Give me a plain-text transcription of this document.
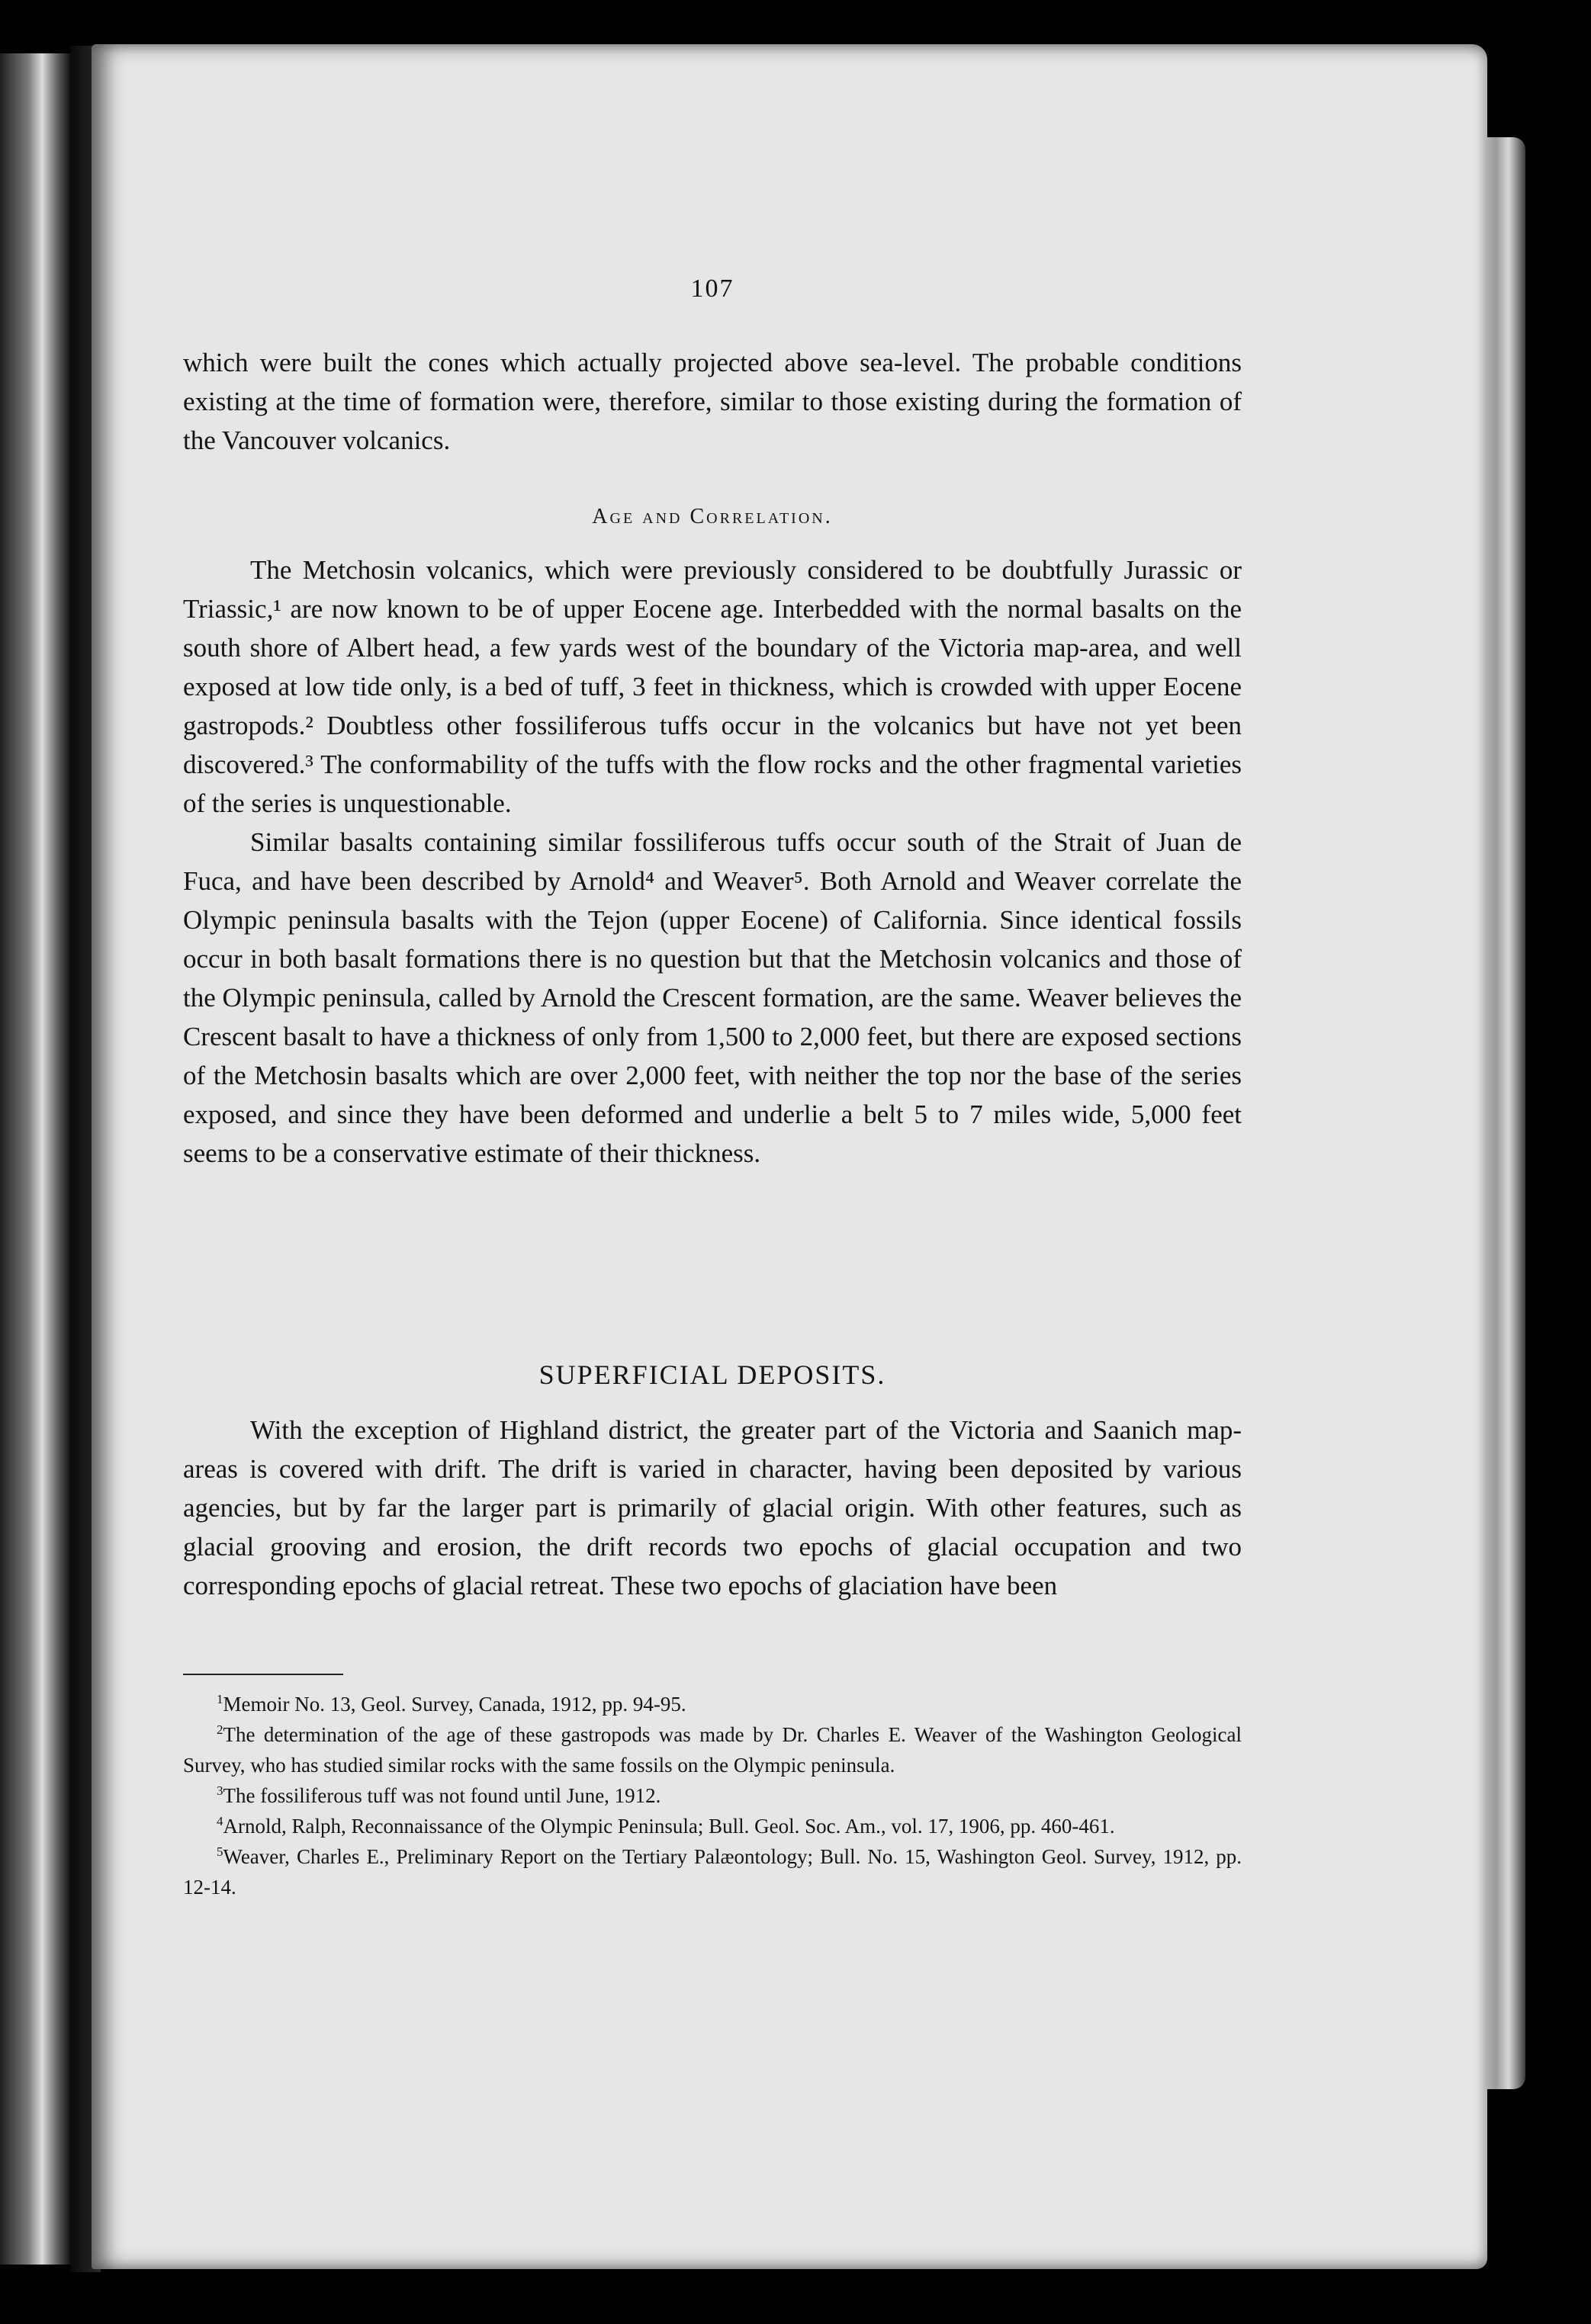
107

which were built the cones which actually projected above sea-level. The probable conditions existing at the time of formation were, therefore, similar to those existing during the formation of the Vancouver volcanics.

Age and Correlation.

The Metchosin volcanics, which were previously considered to be doubtfully Jurassic or Triassic,¹ are now known to be of upper Eocene age. Interbedded with the normal basalts on the south shore of Albert head, a few yards west of the boundary of the Victoria map-area, and well exposed at low tide only, is a bed of tuff, 3 feet in thickness, which is crowded with upper Eocene gastropods.² Doubtless other fossiliferous tuffs occur in the volcanics but have not yet been discovered.³ The conformability of the tuffs with the flow rocks and the other fragmental varieties of the series is unquestionable.

Similar basalts containing similar fossiliferous tuffs occur south of the Strait of Juan de Fuca, and have been described by Arnold⁴ and Weaver⁵. Both Arnold and Weaver correlate the Olympic peninsula basalts with the Tejon (upper Eocene) of California. Since identical fossils occur in both basalt formations there is no question but that the Metchosin volcanics and those of the Olympic peninsula, called by Arnold the Crescent formation, are the same. Weaver believes the Crescent basalt to have a thickness of only from 1,500 to 2,000 feet, but there are exposed sections of the Metchosin basalts which are over 2,000 feet, with neither the top nor the base of the series exposed, and since they have been deformed and underlie a belt 5 to 7 miles wide, 5,000 feet seems to be a conservative estimate of their thickness.

SUPERFICIAL DEPOSITS.

With the exception of Highland district, the greater part of the Victoria and Saanich map-areas is covered with drift. The drift is varied in character, having been deposited by various agencies, but by far the larger part is primarily of glacial origin. With other features, such as glacial grooving and erosion, the drift records two epochs of glacial occupation and two corresponding epochs of glacial retreat. These two epochs of glaciation have been

$^1$Memoir No. 13, Geol. Survey, Canada, 1912, pp. 94-95.

$^2$The determination of the age of these gastropods was made by Dr. Charles E. Weaver of the Washington Geological Survey, who has studied similar rocks with the same fossils on the Olympic peninsula.

$^3$The fossiliferous tuff was not found until June, 1912.

$^4$Arnold, Ralph, Reconnaissance of the Olympic Peninsula; Bull. Geol. Soc. Am., vol. 17, 1906, pp. 460-461.

$^5$Weaver, Charles E., Preliminary Report on the Tertiary Palæontology; Bull. No. 15, Washington Geol. Survey, 1912, pp. 12-14.
